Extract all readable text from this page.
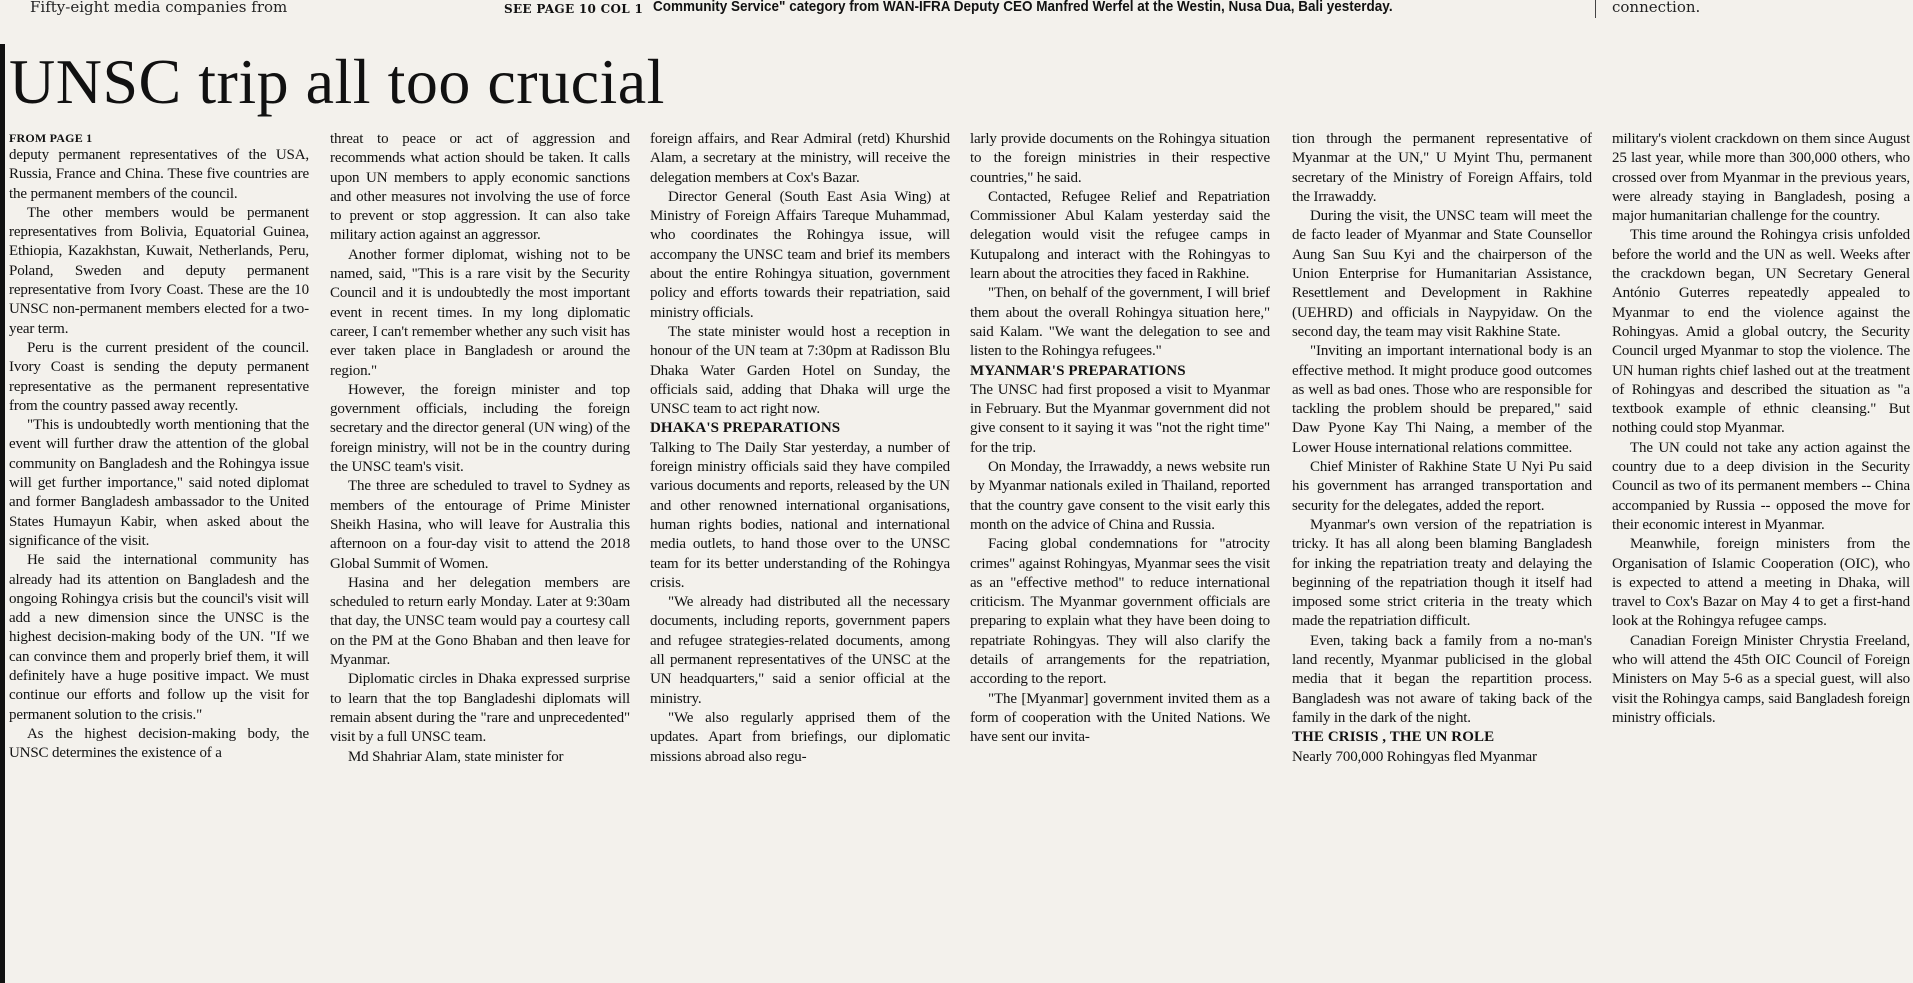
Fifty-eight media companies from	SEE PAGE 10 COL 1 Community Service" category from WAN-IFRA Deputy CEO Manfred Werfel at the Westin, Nusa Dua, Bali yesterday.	connection.
UNSC trip all too crucial

FROM PAGE 1

deputy permanent representatives of the USA, Russia, France and China. These five countries are the permanent members of the council.

The other members would be permanent representatives from Bolivia, Equatorial Guinea, Ethiopia, Kazakhstan, Kuwait, Netherlands, Peru, Poland, Sweden and deputy permanent representative from Ivory Coast. These are the 10 UNSC non-permanent members elected for a two-year term.

Peru is the current president of the council. Ivory Coast is sending the deputy permanent representative as the permanent representative from the country passed away recently.

"This is undoubtedly worth mentioning that the event will further draw the attention of the global community on Bangladesh and the Rohingya issue will get further importance," said noted diplomat and former Bangladesh ambassador to the United States Humayun Kabir, when asked about the significance of the visit.

He said the international community has already had its attention on Bangladesh and the ongoing Rohingya crisis but the council's visit will add a new dimension since the UNSC is the highest decision-making body of the UN. "If we can convince them and properly brief them, it will definitely have a huge positive impact. We must continue our efforts and follow up the visit for permanent solution to the crisis."

As the highest decision-making body, the UNSC determines the existence of a

threat to peace or act of aggression and recommends what action should be taken. It calls upon UN members to apply economic sanctions and other measures not involving the use of force to prevent or stop aggression. It can also take military action against an aggressor.

Another former diplomat, wishing not to be named, said, "This is a rare visit by the Security Council and it is undoubtedly the most important event in recent times. In my long diplomatic career, I can't remember whether any such visit has ever taken place in Bangladesh or around the region."

However, the foreign minister and top government officials, including the foreign secretary and the director general (UN wing) of the foreign ministry, will not be in the country during the UNSC team's visit.

The three are scheduled to travel to Sydney as members of the entourage of Prime Minister Sheikh Hasina, who will leave for Australia this afternoon on a four-day visit to attend the 2018 Global Summit of Women.

Hasina and her delegation members are scheduled to return early Monday. Later at 9:30am that day, the UNSC team would pay a courtesy call on the PM at the Gono Bhaban and then leave for Myanmar.

Diplomatic circles in Dhaka expressed surprise to learn that the top Bangladeshi diplomats will remain absent during the "rare and unprecedented" visit by a full UNSC team.

Md Shahriar Alam, state minister for

foreign affairs, and Rear Admiral (retd) Khurshid Alam, a secretary at the ministry, will receive the delegation members at Cox's Bazar.

Director General (South East Asia Wing) at Ministry of Foreign Affairs Tareque Muhammad, who coordinates the Rohingya issue, will accompany the UNSC team and brief its members about the entire Rohingya situation, government policy and efforts towards their repatriation, said ministry officials.

The state minister would host a reception in honour of the UN team at 7:30pm at Radisson Blu Dhaka Water Garden Hotel on Sunday, the officials said, adding that Dhaka will urge the UNSC team to act right now.

DHAKA'S PREPARATIONS

Talking to The Daily Star yesterday, a number of foreign ministry officials said they have compiled various documents and reports, released by the UN and other renowned international organisations, human rights bodies, national and international media outlets, to hand those over to the UNSC team for its better understanding of the Rohingya crisis.

"We already had distributed all the necessary documents, including reports, government papers and refugee strategies-related documents, among all permanent representatives of the UNSC at the UN headquarters," said a senior official at the ministry.

"We also regularly apprised them of the updates. Apart from briefings, our diplomatic missions abroad also regu-

larly provide documents on the Rohingya situation to the foreign ministries in their respective countries," he said.

Contacted, Refugee Relief and Repatriation Commissioner Abul Kalam yesterday said the delegation would visit the refugee camps in Kutupalong and interact with the Rohingyas to learn about the atrocities they faced in Rakhine.

"Then, on behalf of the government, I will brief them about the overall Rohingya situation here," said Kalam. "We want the delegation to see and listen to the Rohingya refugees."

MYANMAR'S PREPARATIONS

The UNSC had first proposed a visit to Myanmar in February. But the Myanmar government did not give consent to it saying it was "not the right time" for the trip.

On Monday, the Irrawaddy, a news website run by Myanmar nationals exiled in Thailand, reported that the country gave consent to the visit early this month on the advice of China and Russia.

Facing global condemnations for "atrocity crimes" against Rohingyas, Myanmar sees the visit as an "effective method" to reduce international criticism. The Myanmar government officials are preparing to explain what they have been doing to repatriate Rohingyas. They will also clarify the details of arrangements for the repatriation, according to the report.

"The [Myanmar] government invited them as a form of cooperation with the United Nations. We have sent our invita-

tion through the permanent representative of Myanmar at the UN," U Myint Thu, permanent secretary of the Ministry of Foreign Affairs, told the Irrawaddy.

During the visit, the UNSC team will meet the de facto leader of Myanmar and State Counsellor Aung San Suu Kyi and the chairperson of the Union Enterprise for Humanitarian Assistance, Resettlement and Development in Rakhine (UEHRD) and officials in Naypyidaw. On the second day, the team may visit Rakhine State.

"Inviting an important international body is an effective method. It might produce good outcomes as well as bad ones. Those who are responsible for tackling the problem should be prepared," said Daw Pyone Kay Thi Naing, a member of the Lower House international relations committee.

Chief Minister of Rakhine State U Nyi Pu said his government has arranged transportation and security for the delegates, added the report.

Myanmar's own version of the repatriation is tricky. It has all along been blaming Bangladesh for inking the repatriation treaty and delaying the beginning of the repatriation though it itself had imposed some strict criteria in the treaty which made the repatriation difficult.

Even, taking back a family from a no-man's land recently, Myanmar publicised in the global media that it began the repartition process. Bangladesh was not aware of taking back of the family in the dark of the night.

THE CRISIS , THE UN ROLE

Nearly 700,000 Rohingyas fled Myanmar

military's violent crackdown on them since August 25 last year, while more than 300,000 others, who crossed over from Myanmar in the previous years, were already staying in Bangladesh, posing a major humanitarian challenge for the country.

This time around the Rohingya crisis unfolded before the world and the UN as well. Weeks after the crackdown began, UN Secretary General António Guterres repeatedly appealed to Myanmar to end the violence against the Rohingyas. Amid a global outcry, the Security Council urged Myanmar to stop the violence. The UN human rights chief lashed out at the treatment of Rohingyas and described the situation as "a textbook example of ethnic cleansing." But nothing could stop Myanmar.

The UN could not take any action against the country due to a deep division in the Security Council as two of its permanent members -- China accompanied by Russia -- opposed the move for their economic interest in Myanmar.

Meanwhile, foreign ministers from the Organisation of Islamic Cooperation (OIC), who is expected to attend a meeting in Dhaka, will travel to Cox's Bazar on May 4 to get a first-hand look at the Rohingya refugee camps.

Canadian Foreign Minister Chrystia Freeland, who will attend the 45th OIC Council of Foreign Ministers on May 5-6 as a special guest, will also visit the Rohingya camps, said Bangladesh foreign ministry officials.
